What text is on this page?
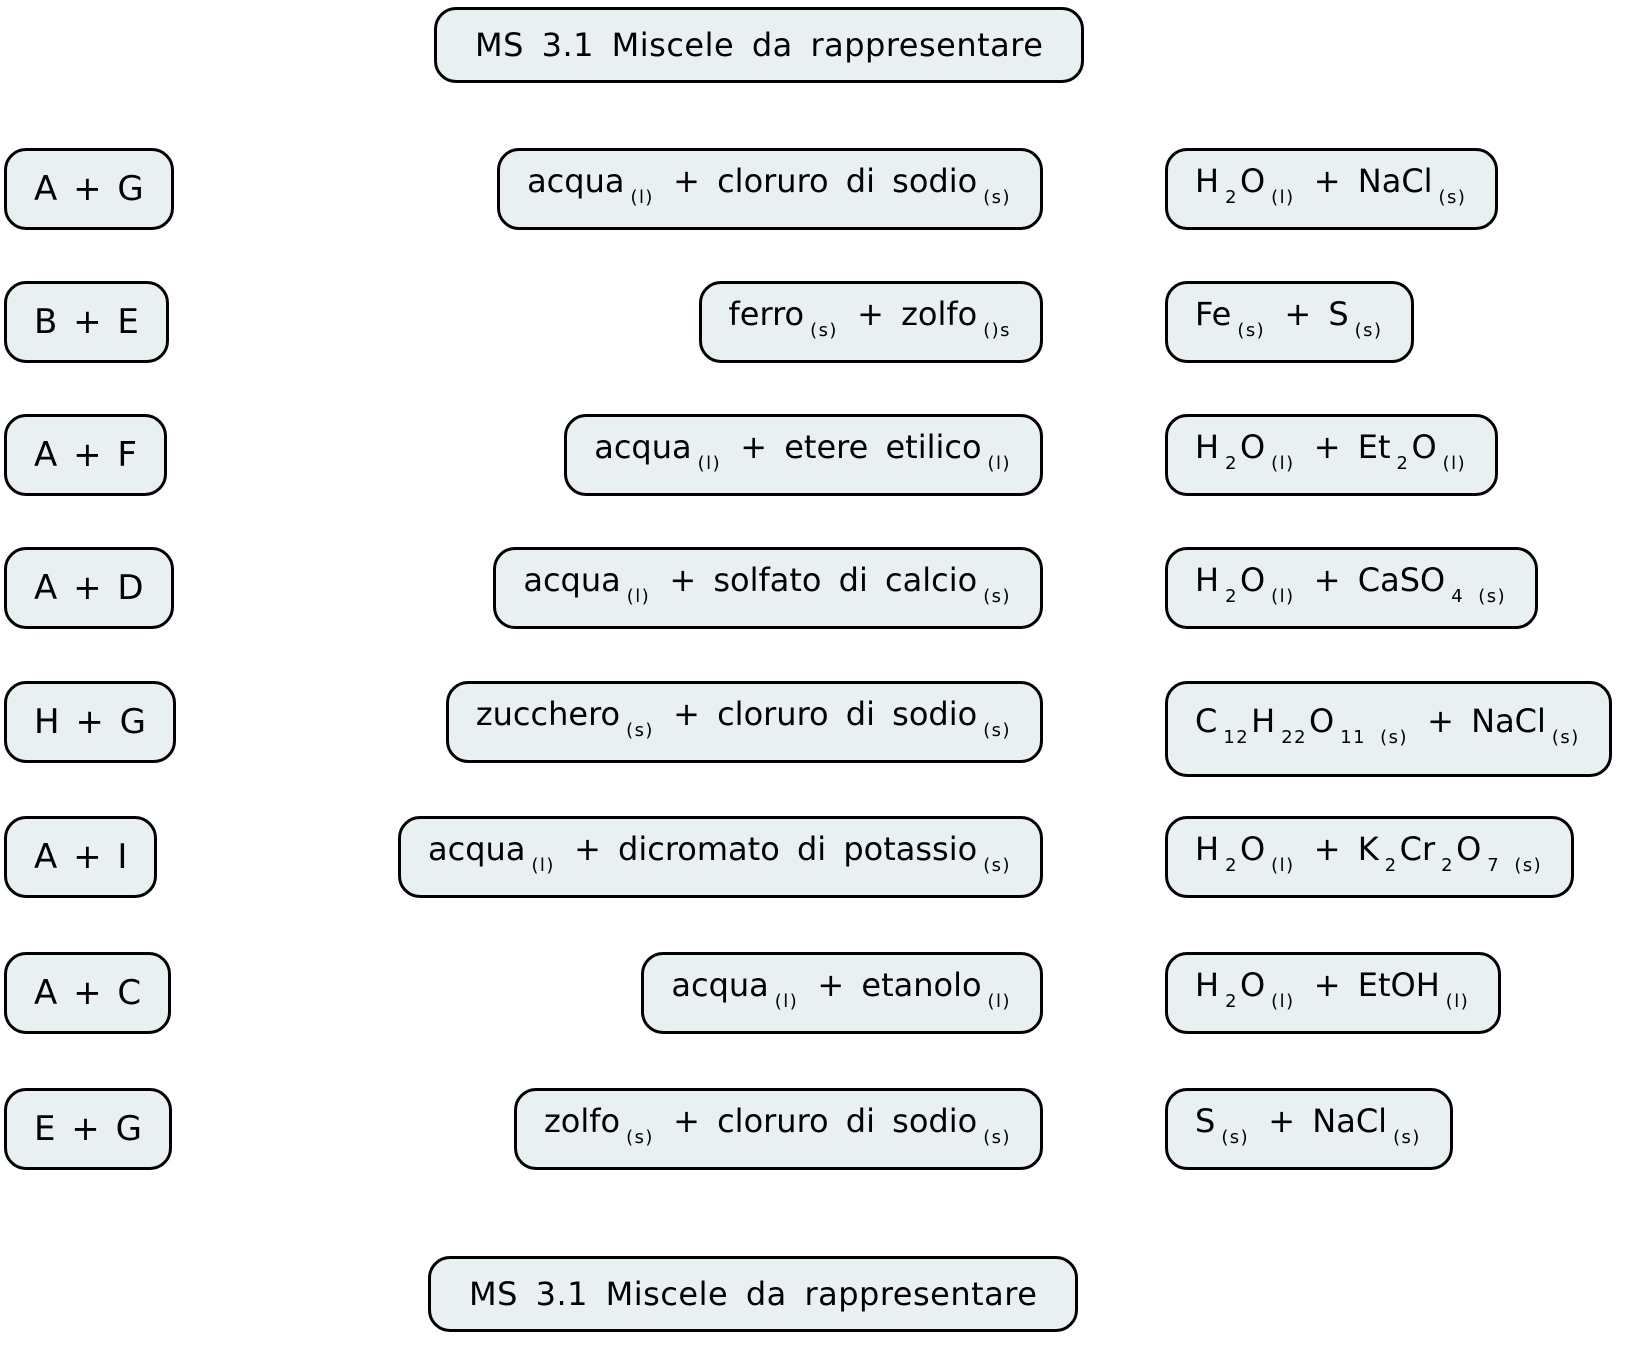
MS 3.1 Miscele da rappresentare
A + G	acqua $_{(l)}$ + cloruro di sodio $_{(s)}$	H $_2$O $_{(l)}$ + NaCl $_{(s)}$
B + E	ferro $_{(s)}$ + zolfo $_{()s}$	Fe $_{(s)}$ + S $_{(s)}$
A + F	acqua $_{(l)}$ + etere etilico $_{(l)}$	H $_2$O $_{(l)}$ + Et $_2$O $_{(l)}$
A + D	acqua $_{(l)}$ + solfato di calcio $_{(s)}$	H $_2$O $_{(l)}$ + CaSO $_{4 (s)}$
H + G	zucchero $_{(s)}$ + cloruro di sodio $_{(s)}$	C $_{12}$H $_{22}$O $_{11 (s)}$ + NaCl $_{(s)}$
A + I	acqua $_{(l)}$ + dicromato di potassio $_{(s)}$	H $_2$O $_{(l)}$ + K $_2$Cr $_2$O $_{7 (s)}$
A + C	acqua $_{(l)}$ + etanolo $_{(l)}$	H $_2$O $_{(l)}$ + EtOH $_{(l)}$
E + G	zolfo $_{(s)}$ + cloruro di sodio $_{(s)}$	S $_{(s)}$ + NaCl $_{(s)}$
MS 3.1 Miscele da rappresentare
